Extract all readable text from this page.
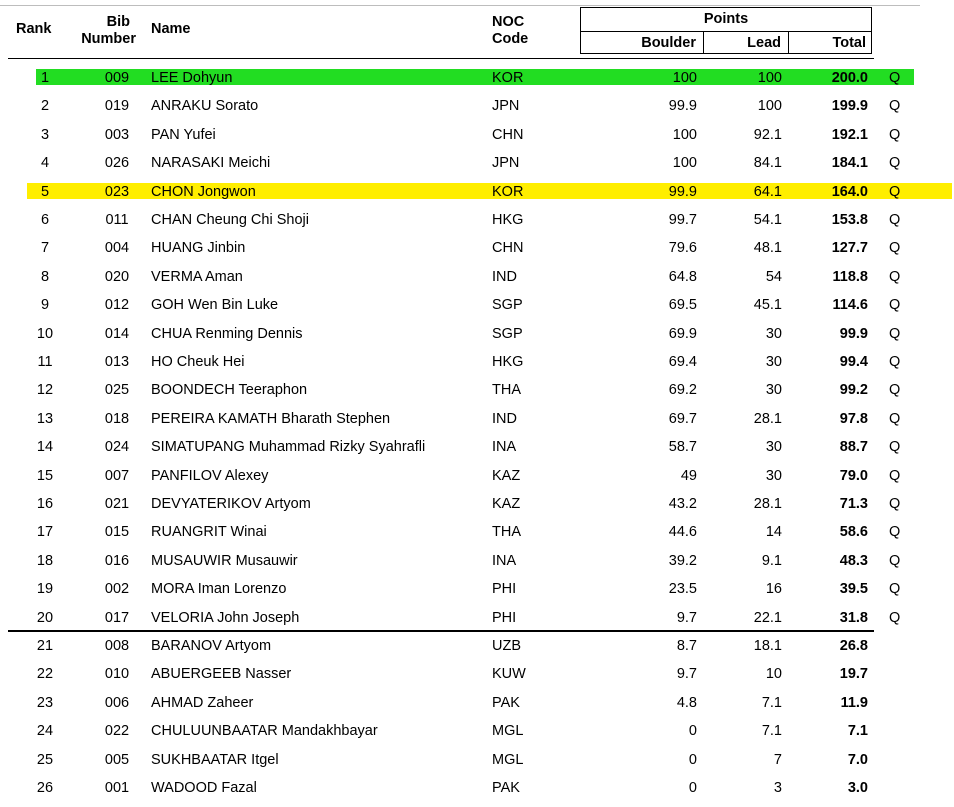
Rank	Bib
Number
Name	NOC
Code
Points
Boulder	Lead	Total
1	009	LEE Dohyun	KOR	100	100	200.0 Q
2	019	ANRAKU Sorato	JPN	99.9	100	199.9 Q
3	003	PAN Yufei	CHN	100	92.1	192.1 Q
4	026	NARASAKI Meichi	JPN	100	84.1	184.1 Q
5	023	CHON Jongwon	KOR	99.9	64.1	164.0 Q
6	011	CHAN Cheung Chi Shoji	HKG	99.7	54.1	153.8 Q
7	004	HUANG Jinbin	CHN	79.6	48.1	127.7 Q
8	020	VERMA Aman	IND	64.8	54	118.8 Q
9	012	GOH Wen Bin Luke	SGP	69.5	45.1	114.6 Q
10	014	CHUA Renming Dennis	SGP	69.9	30	99.9 Q
11	013	HO Cheuk Hei	HKG	69.4	30	99.4 Q
12	025	BOONDECH Teeraphon	THA	69.2	30	99.2 Q
13	018	PEREIRA KAMATH Bharath Stephen	IND	69.7	28.1	97.8 Q
14	024	SIMATUPANG Muhammad Rizky Syahrafli	INA	58.7	30	88.7 Q
15	007	PANFILOV Alexey	KAZ	49	30	79.0 Q
16	021	DEVYATERIKOV Artyom	KAZ	43.2	28.1	71.3 Q
17	015	RUANGRIT Winai	THA	44.6	14	58.6 Q
18	016	MUSAUWIR Musauwir	INA	39.2	9.1	48.3 Q
19	002	MORA Iman Lorenzo	PHI	23.5	16	39.5 Q
20	017	VELORIA John Joseph	PHI	9.7	22.1	31.8 Q
21	008	BARANOV Artyom	UZB	8.7	18.1	26.8
22	010	ABUERGEEB Nasser	KUW	9.7	10	19.7
23	006	AHMAD Zaheer	PAK	4.8	7.1	11.9
24	022	CHULUUNBAATAR Mandakhbayar	MGL	0	7.1	7.1
25	005	SUKHBAATAR Itgel	MGL	0	7	7.0
26	001	WADOOD Fazal	PAK	0	3	3.0
